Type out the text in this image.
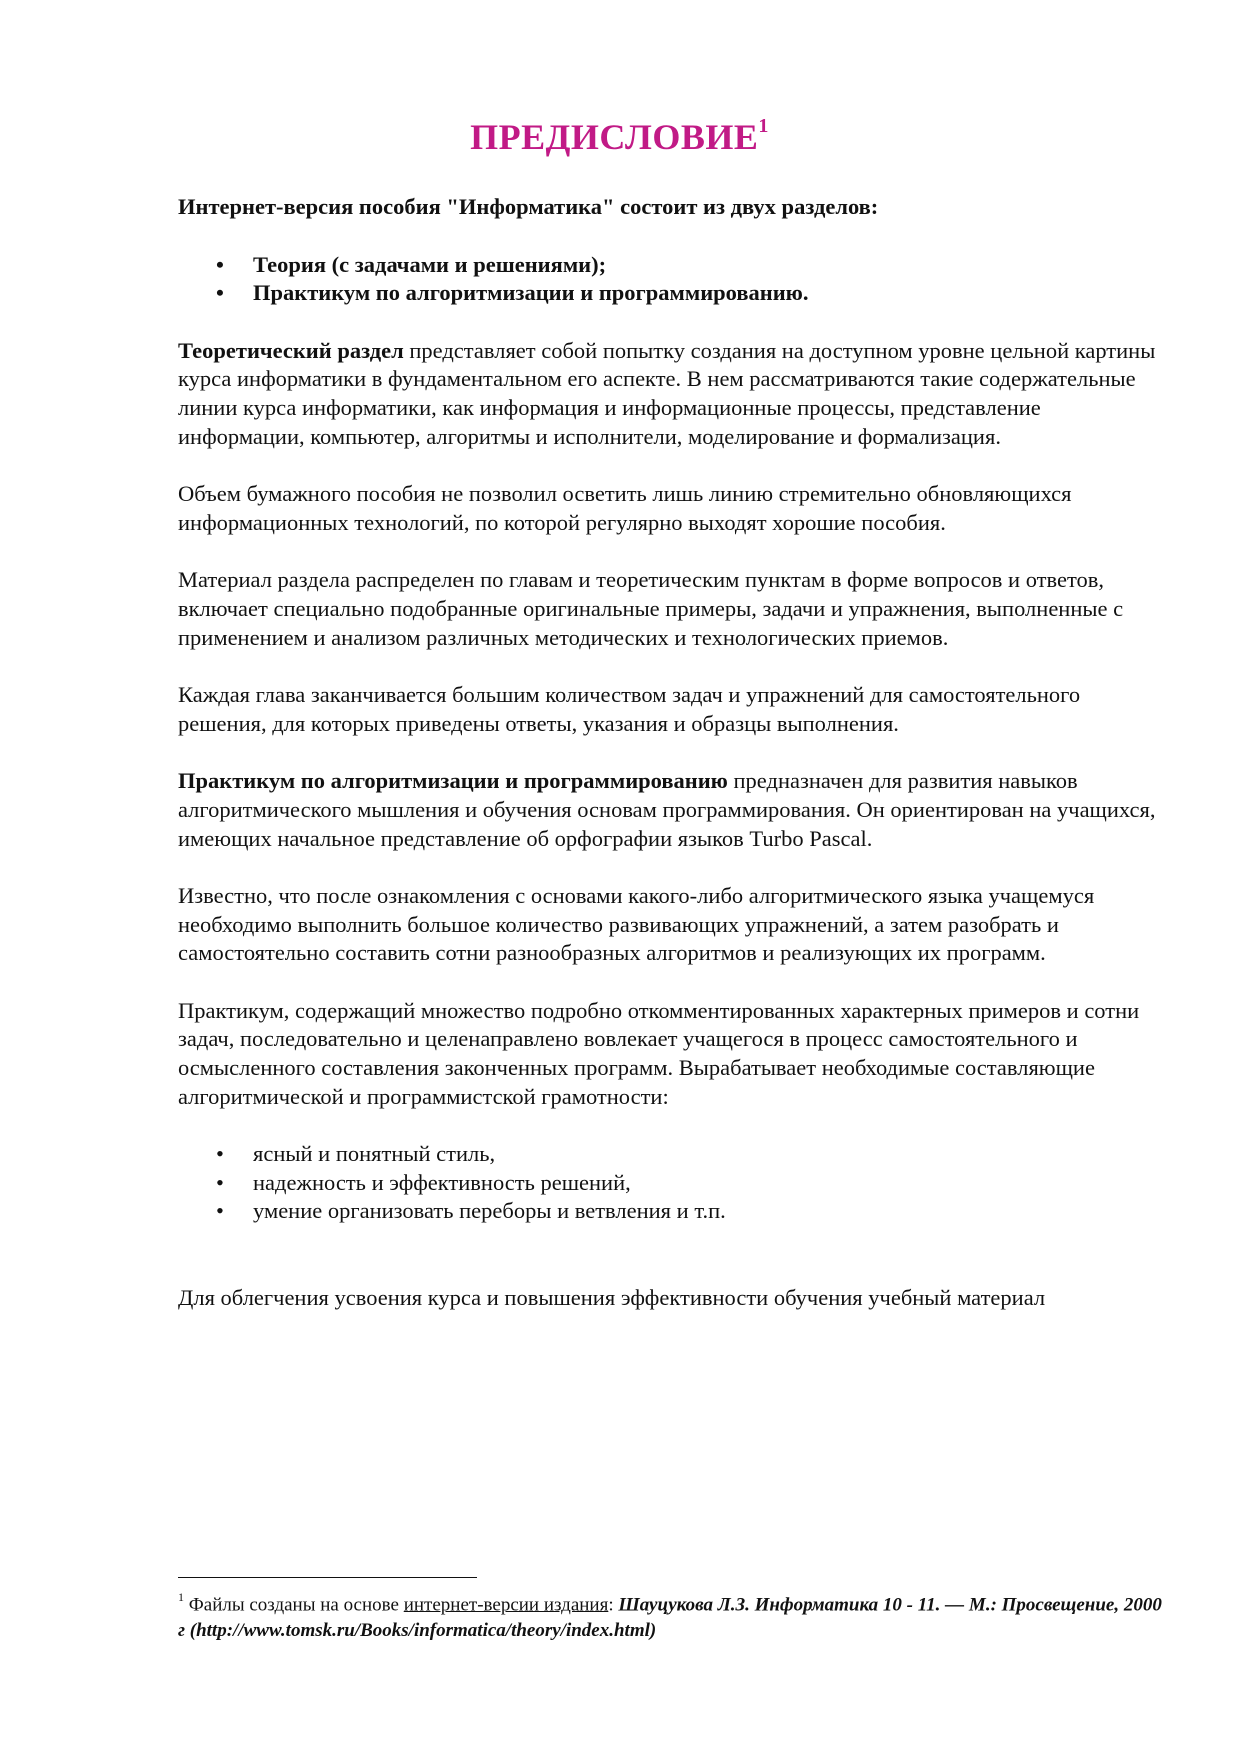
ПРЕДИСЛОВИЕ$^1$

Интернет-версия пособия "Информатика" состоит из двух разделов:

• Теория (с задачами и решениями);
• Практикум по алгоритмизации и программированию.

Теоретический раздел представляет собой попытку создания на доступном уровне цельной картины курса информатики в фундаментальном его аспекте. В нем рассматриваются такие содержательные линии курса информатики, как информация и информационные процессы, представление информации, компьютер, алгоритмы и исполнители, моделирование и формализация.

Объем бумажного пособия не позволил осветить лишь линию стремительно обновляющихся информационных технологий, по которой регулярно выходят хорошие пособия.

Материал раздела распределен по главам и теоретическим пунктам в форме вопросов и ответов, включает специально подобранные оригинальные примеры, задачи и упражнения, выполненные с применением и анализом различных методических и технологических приемов.

Каждая глава заканчивается большим количеством задач и упражнений для самостоятельного решения, для которых приведены ответы, указания и образцы выполнения.

Практикум по алгоритмизации и программированию предназначен для развития навыков алгоритмического мышления и обучения основам программирования. Он ориентирован на учащихся, имеющих начальное представление об орфографии языков Turbo Pascal.

Известно, что после ознакомления с основами какого-либо алгоритмического языка учащемуся необходимо выполнить большое количество развивающих упражнений, а затем разобрать и самостоятельно составить сотни разнообразных алгоритмов и реализующих их программ.

Практикум, содержащий множество подробно откомментированных характерных примеров и сотни задач, последовательно и целенаправлено вовлекает учащегося в процесс самостоятельного и осмысленного составления законченных программ. Вырабатывает необходимые составляющие алгоритмической и программистской грамотности:

• ясный и понятный стиль,
• надежность и эффективность решений,
• умение организовать переборы и ветвления и т.п.

Для облегчения усвоения курса и повышения эффективности обучения учебный материал

$^1$ Файлы созданы на основе интернет-версии издания: Шауцукова Л.З. Информатика 10 - 11. — М.: Просвещение, 2000 г (http://www.tomsk.ru/Books/informatica/theory/index.html)
